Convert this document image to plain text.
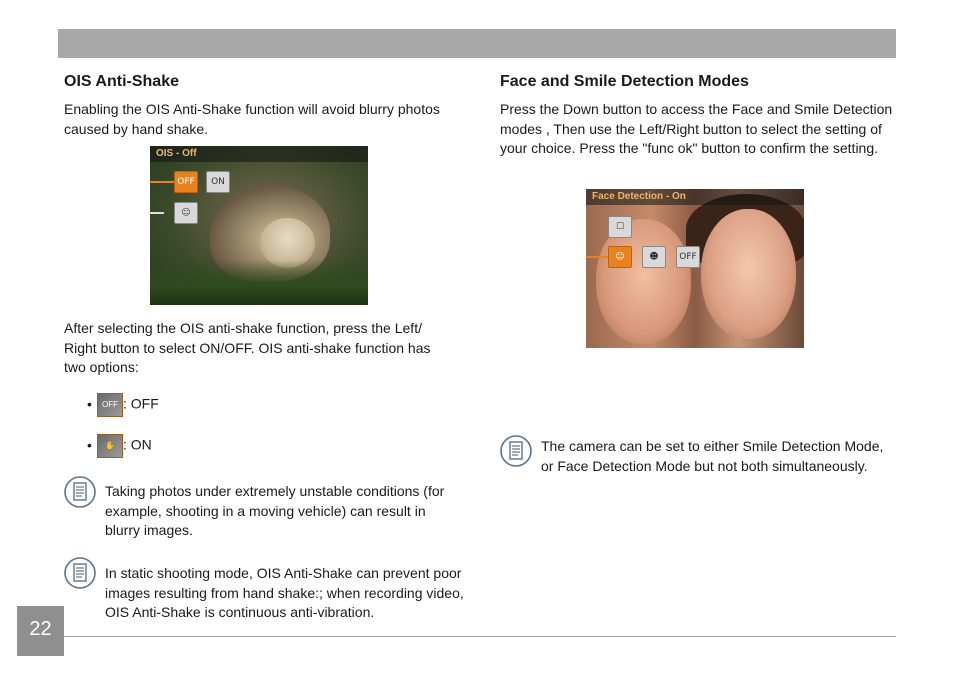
OIS Anti-Shake

Enabling the OIS Anti-Shake function will avoid blurry photos caused by hand shake.

OIS - Off
OFF	ON
☺

After selecting the OIS anti-shake function, press the Left/ Right button to select ON/OFF. OIS anti-shake function has two options:

• OFF : OFF
• ✋ : ON

Taking photos under extremely unstable conditions (for example, shooting in a moving vehicle) can result in blurry images.

In static shooting mode, OIS Anti-Shake can prevent poor images resulting from hand shake:; when recording video, OIS Anti-Shake is continuous anti-vibration.

Face and Smile Detection Modes

Press the Down button to access the Face and Smile Detection modes , Then use the Left/Right button to select the setting of your choice. Press the "func ok" button to confirm the setting.

Face Detection - On
☐
☺	☻	OFF

The camera can be set to either Smile Detection Mode, or Face Detection Mode but not both simultaneously.

22
